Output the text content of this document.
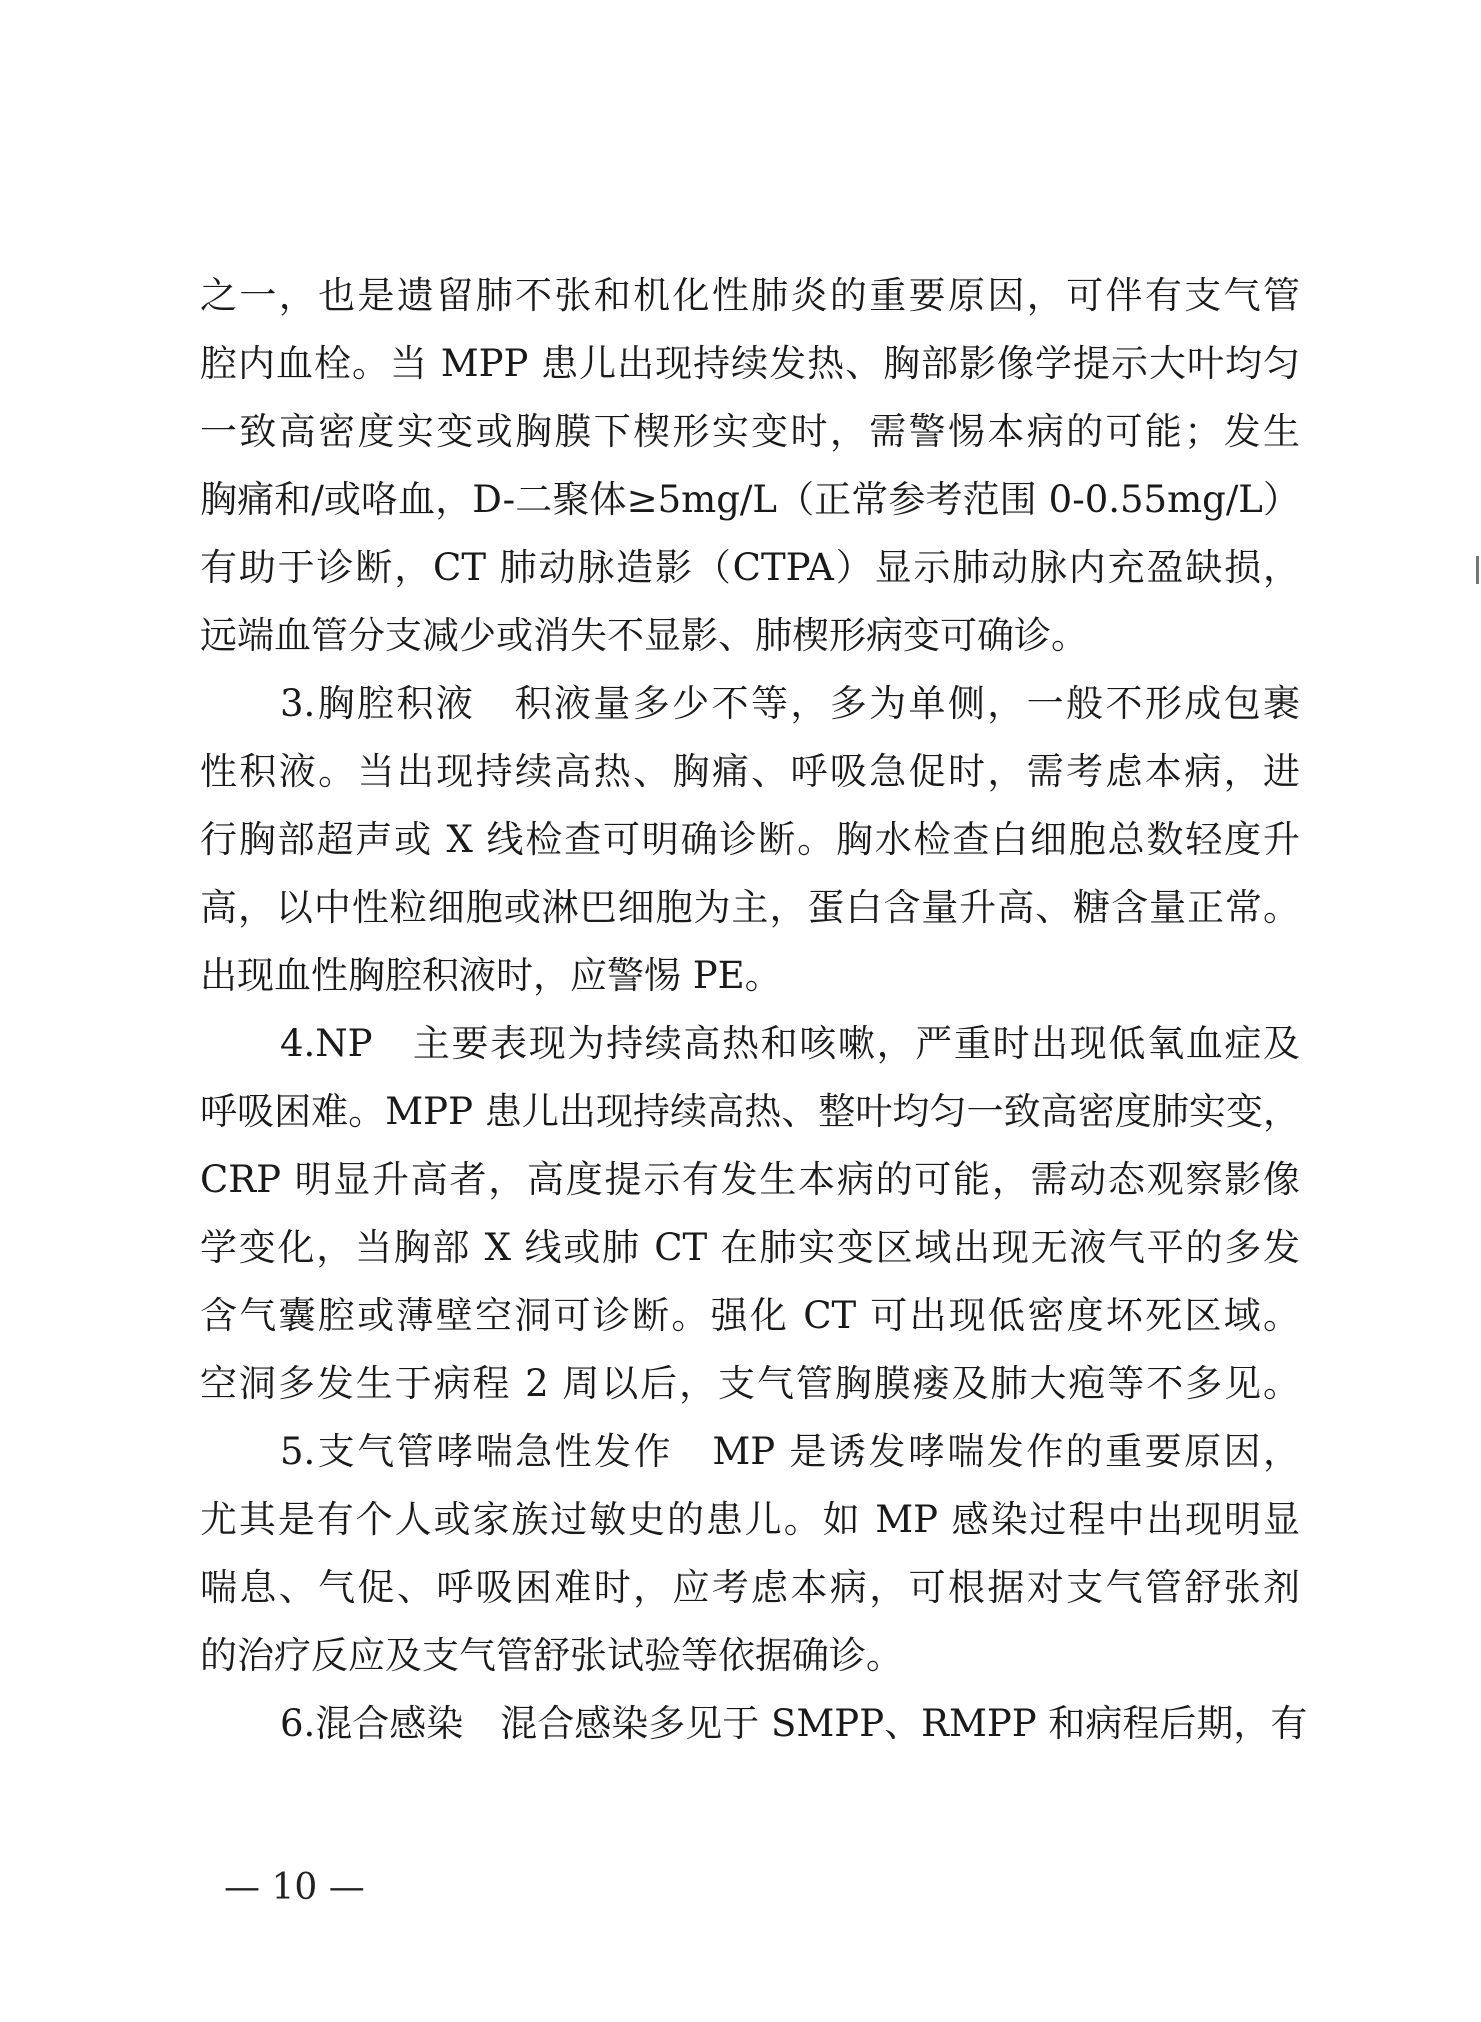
之一，也是遗留肺不张和机化性肺炎的重要原因，可伴有支气管
腔内血栓。当 MPP 患儿出现持续发热、胸部影像学提示大叶均匀
一致高密度实变或胸膜下楔形实变时，需警惕本病的可能；发生
胸痛和/或咯血，D-二聚体≥5mg/L（正常参考范围 0-0.55mg/L）
有助于诊断，CT 肺动脉造影（CTPA）显示肺动脉内充盈缺损，
远端血管分支减少或消失不显影、肺楔形病变可确诊。
3.胸腔积液　积液量多少不等，多为单侧，一般不形成包裹
性积液。当出现持续高热、胸痛、呼吸急促时，需考虑本病，进
行胸部超声或 X 线检查可明确诊断。胸水检查白细胞总数轻度升
高，以中性粒细胞或淋巴细胞为主，蛋白含量升高、糖含量正常。
出现血性胸腔积液时，应警惕 PE。
4.NP　主要表现为持续高热和咳嗽，严重时出现低氧血症及
呼吸困难。MPP 患儿出现持续高热、整叶均匀一致高密度肺实变，
CRP 明显升高者，高度提示有发生本病的可能，需动态观察影像
学变化，当胸部 X 线或肺 CT 在肺实变区域出现无液气平的多发
含气囊腔或薄壁空洞可诊断。强化 CT 可出现低密度坏死区域。
空洞多发生于病程 2 周以后，支气管胸膜瘘及肺大疱等不多见。
5.支气管哮喘急性发作　MP 是诱发哮喘发作的重要原因，
尤其是有个人或家族过敏史的患儿。如 MP 感染过程中出现明显
喘息、气促、呼吸困难时，应考虑本病，可根据对支气管舒张剂
的治疗反应及支气管舒张试验等依据确诊。
6.混合感染　混合感染多见于 SMPP、RMPP 和病程后期，有
— 10 —
